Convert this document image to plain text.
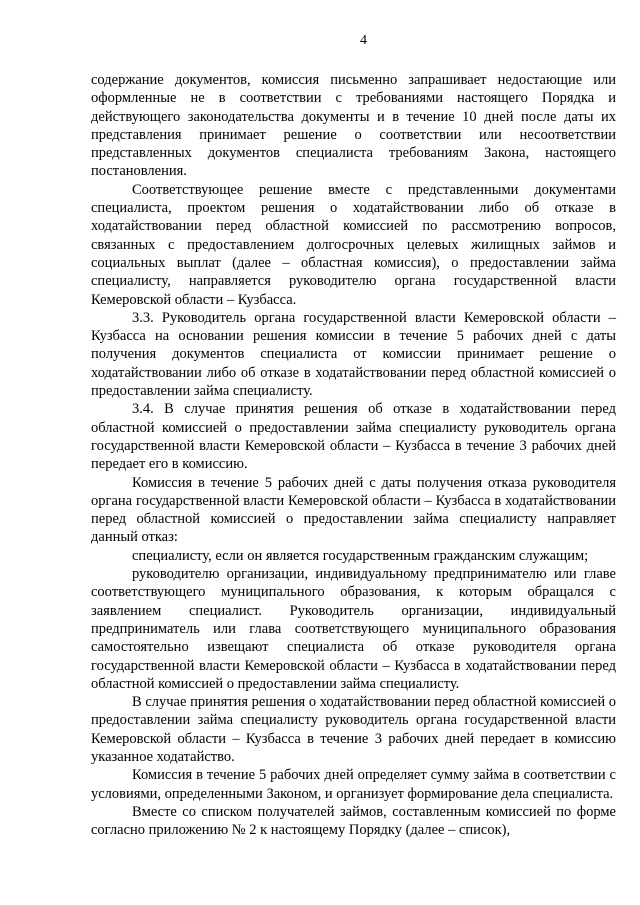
4

содержание документов, комиссия письменно запрашивает недостающие или оформленные не в соответствии с требованиями настоящего Порядка и действующего законодательства документы и в течение 10 дней после даты их представления принимает решение о соответствии или несоответствии представленных документов специалиста требованиям Закона, настоящего постановления.

Соответствующее решение вместе с представленными документами специалиста, проектом решения о ходатайствовании либо об отказе в ходатайствовании перед областной комиссией по рассмотрению вопросов, связанных с предоставлением долгосрочных целевых жилищных займов и социальных выплат (далее – областная комиссия), о предоставлении займа специалисту, направляется руководителю органа государственной власти Кемеровской области – Кузбасса.

3.3. Руководитель органа государственной власти Кемеровской области – Кузбасса на основании решения комиссии в течение 5 рабочих дней с даты получения документов специалиста от комиссии принимает решение о ходатайствовании либо об отказе в ходатайствовании перед областной комиссией о предоставлении займа специалисту.

3.4. В случае принятия решения об отказе в ходатайствовании перед областной комиссией о предоставлении займа специалисту руководитель органа государственной власти Кемеровской области – Кузбасса в течение 3 рабочих дней передает его в комиссию.

Комиссия в течение 5 рабочих дней с даты получения отказа руководителя органа государственной власти Кемеровской области – Кузбасса в ходатайствовании перед областной комиссией о предоставлении займа специалисту направляет данный отказ:

специалисту, если он является государственным гражданским служащим;

руководителю организации, индивидуальному предпринимателю или главе соответствующего муниципального образования, к которым обращался с заявлением специалист. Руководитель организации, индивидуальный предприниматель или глава соответствующего муниципального образования самостоятельно извещают специалиста об отказе руководителя органа государственной власти Кемеровской области – Кузбасса в ходатайствовании перед областной комиссией о предоставлении займа специалисту.

В случае принятия решения о ходатайствовании перед областной комиссией о предоставлении займа специалисту руководитель органа государственной власти Кемеровской области – Кузбасса в течение 3 рабочих дней передает в комиссию указанное ходатайство.

Комиссия в течение 5 рабочих дней определяет сумму займа в соответствии с условиями, определенными Законом, и организует формирование дела специалиста.

Вместе со списком получателей займов, составленным комиссией по форме согласно приложению № 2 к настоящему Порядку (далее – список),
